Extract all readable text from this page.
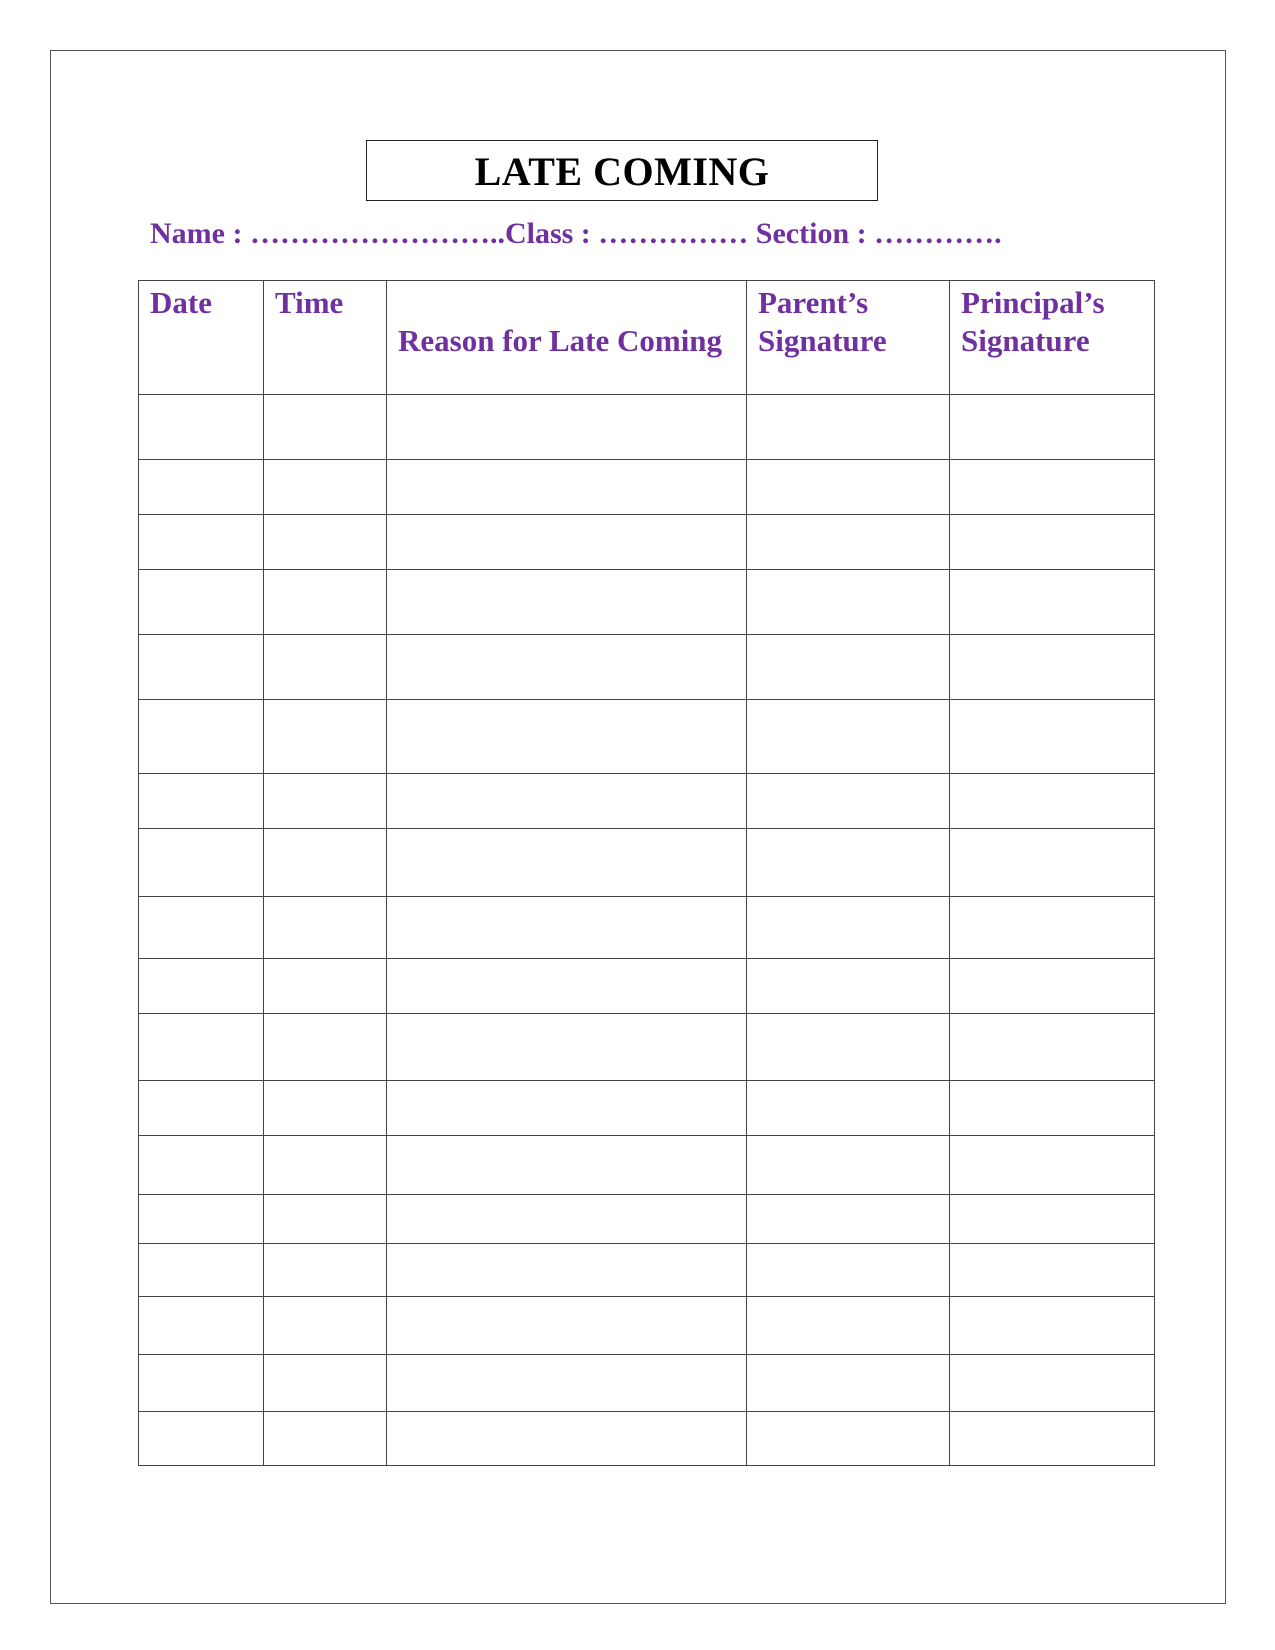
LATE COMING
Name : ……………………..Class : …………… Section : ………….
Date	Time	Reason for Late Coming	Parent’s Signature	Principal’s Signature
